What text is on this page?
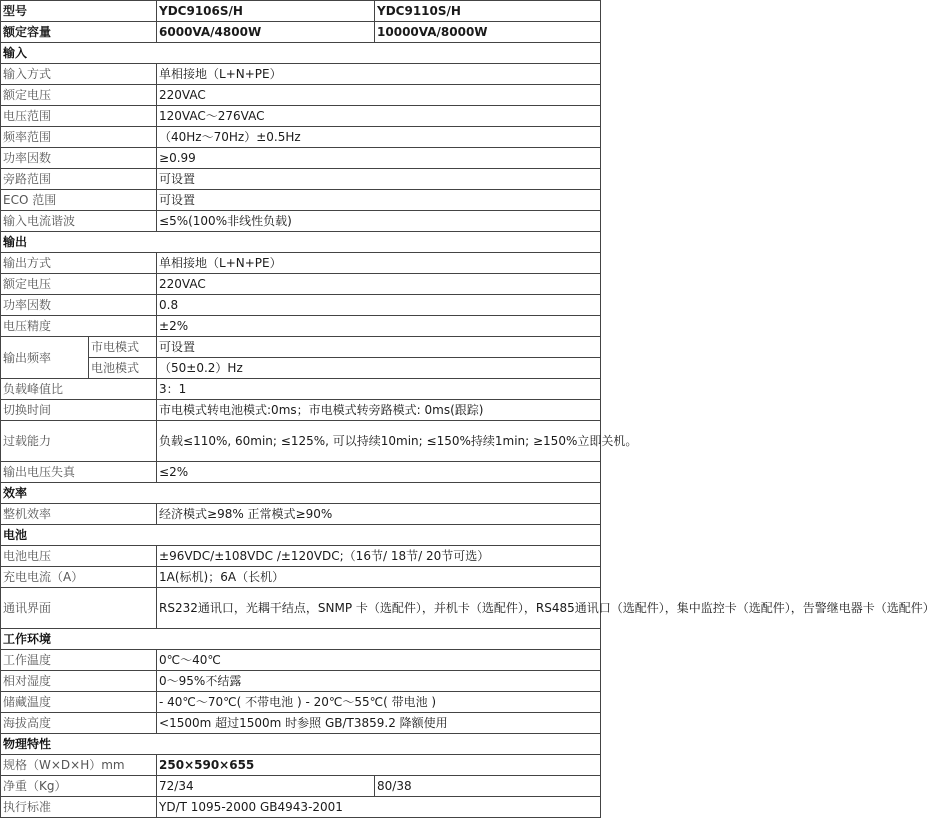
型号		YDC9106S/H	YDC9110S/H
额定容量		6000VA/4800W	10000VA/8000W
输入			
输入方式		单相接地（L+N+PE）	
额定电压		220VAC	
电压范围		120VAC～276VAC	
频率范围		（40Hz～70Hz）±0.5Hz	
功率因数		≥0.99	
旁路范围		可设置	
ECO 范围		可设置	
输入电流谐波		≤5%(100%非线性负载)	
输出			
输出方式		单相接地（L+N+PE）	
额定电压		220VAC	
功率因数		0.8	
电压精度		±2%	
输出频率	市电模式	可设置	
	电池模式	（50±0.2）Hz	
负载峰值比		3：1	
切换时间		市电模式转电池模式:0ms；市电模式转旁路模式: 0ms(跟踪)	
过载能力		负载≤110%, 60min; ≤125%, 可以持续10min; ≤150%持续1min; ≥150%立即关机。	
输出电压失真		≤2%	
效率			
整机效率		经济模式≥98% 正常模式≥90%	
电池			
电池电压		±96VDC/±108VDC /±120VDC;（16节/ 18节/ 20节可选）	
充电电流（A）		1A(标机)；6A（长机）	
通讯界面		RS232通讯口，光耦干结点，SNMP 卡（选配件），并机卡（选配件），RS485通讯口（选配件），集中监控卡（选配件），告警继电器卡（选配件）	
工作环境			
工作温度		0℃～40℃	
相对湿度		0～95%不结露	
储藏温度		- 40℃～70℃( 不带电池 ) - 20℃～55℃( 带电池 )	
海拔高度		<1500m 超过1500m 时参照 GB/T3859.2 降额使用	
物理特性			
规格（W×D×H）mm		250×590×655	
净重（Kg）		72/34	80/38
执行标准		YD/T 1095-2000 GB4943-2001	
